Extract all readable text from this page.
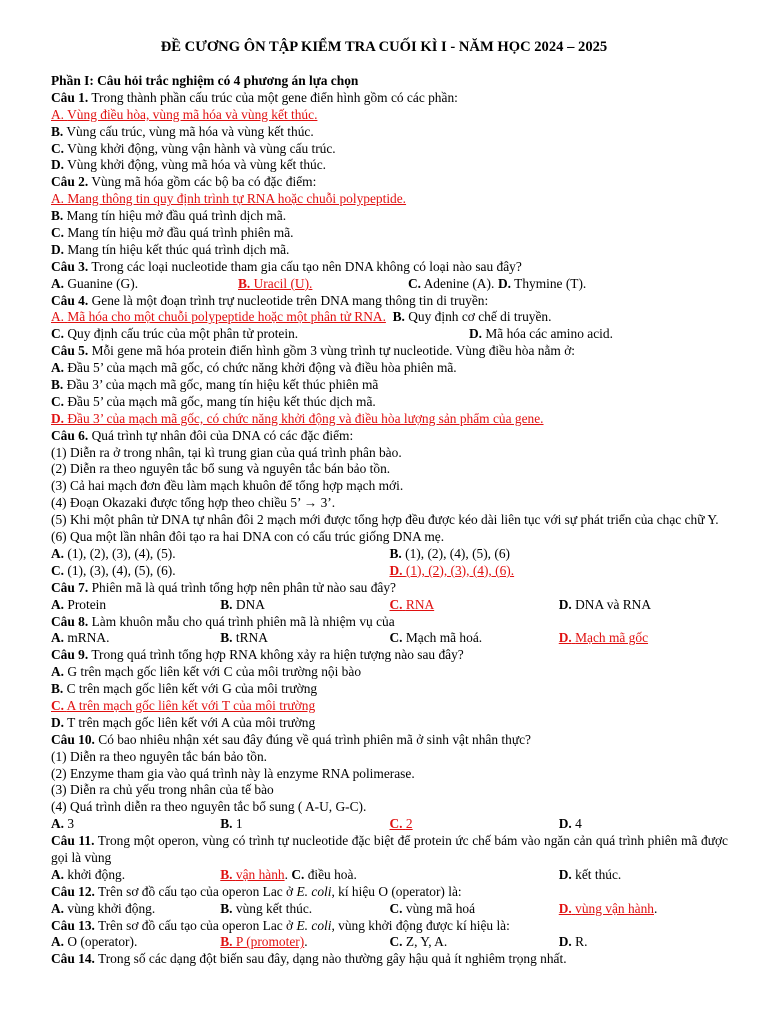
ĐỀ CƯƠNG ÔN TẬP KIỂM TRA CUỐI KÌ I - NĂM HỌC 2024 – 2025
Phần I: Câu hỏi trắc nghiệm có 4 phương án lựa chọn
Câu 1. Trong thành phần cấu trúc của một gene điển hình gồm có các phần:
A. Vùng điều hòa, vùng mã hóa và vùng kết thúc.
B. Vùng cấu trúc, vùng mã hóa và vùng kết thúc.
C. Vùng khởi động, vùng vận hành và vùng cấu trúc.
D. Vùng khởi động, vùng mã hóa và vùng kết thúc.
Câu 2. Vùng mã hóa gồm các bộ ba có đặc điểm:
A. Mang thông tin quy định trình tự RNA hoặc chuỗi polypeptide.
B. Mang tín hiệu mở đầu quá trình dịch mã.
C. Mang tín hiệu mở đầu quá trình phiên mã.
D. Mang tín hiệu kết thúc quá trình dịch mã.
Câu 3. Trong các loại nucleotide tham gia cấu tạo nên DNA không có loại nào sau đây?
A. Guanine (G).	B. Uracil (U).	C. Adenine (A). D. Thymine (T).
Câu 4. Gene là một đoạn trình trự nucleotide trên DNA mang thông tin di truyền:
A. Mã hóa cho một chuỗi polypeptide hoặc một phân tử RNA. B. Quy định cơ chế di truyền.
C. Quy định cấu trúc của một phân tử protein.	D. Mã hóa các amino acid.
Câu 5. Mỗi gene mã hóa protein điển hình gồm 3 vùng trình tự nucleotide. Vùng điều hòa nằm ở:
A. Đầu 5’ của mạch mã gốc, có chức năng khởi động và điều hòa phiên mã.
B. Đầu 3’ của mạch mã gốc, mang tín hiệu kết thúc phiên mã
C. Đầu 5’ của mạch mã gốc, mang tín hiệu kết thúc dịch mã.
D. Đầu 3’ của mạch mã gốc, có chức năng khởi động và điều hòa lượng sản phẩm của gene.
Câu 6. Quá trình tự nhân đôi của DNA có các đặc điểm:
(1) Diễn ra ở trong nhân, tại kì trung gian của quá trình phân bào.
(2) Diễn ra theo nguyên tắc bổ sung và nguyên tắc bán bảo tồn.
(3) Cả hai mạch đơn đều làm mạch khuôn để tổng hợp mạch mới.
(4) Đoạn Okazaki được tổng hợp theo chiều 5’ → 3’.
(5) Khi một phân tử DNA tự nhân đôi 2 mạch mới được tổng hợp đều được kéo dài liên tục với sự phát triển của chạc chữ Y.
(6) Qua một lần nhân đôi tạo ra hai DNA con có cấu trúc giống DNA mẹ.
A. (1), (2), (3), (4), (5).	B. (1), (2), (4), (5), (6)
C. (1), (3), (4), (5), (6).	D. (1), (2), (3), (4), (6).
Câu 7. Phiên mã là quá trình tổng hợp nên phân tử nào sau đây?
A. Protein	B. DNA	C. RNA	D. DNA và RNA
Câu 8. Làm khuôn mẫu cho quá trình phiên mã là nhiệm vụ của
A. mRNA.	B. tRNA	C. Mạch mã hoá.	D. Mạch mã gốc
Câu 9. Trong quá trình tổng hợp RNA không xảy ra hiện tượng nào sau đây?
A. G trên mạch gốc liên kết với C của môi trường nội bào
B. C trên mạch gốc liên kết với G của môi trường
C. A trên mạch gốc liên kết với T của môi trường
D. T trên mạch gốc liên kết với A của môi trường
Câu 10. Có bao nhiêu nhận xét sau đây đúng về quá trình phiên mã ở sinh vật nhân thực?
(1) Diễn ra theo nguyên tắc bán bảo tồn.
(2) Enzyme tham gia vào quá trình này là enzyme RNA polimerase.
(3) Diễn ra chủ yếu trong nhân của tế bào
(4) Quá trình diễn ra theo nguyên tắc bổ sung ( A-U, G-C).
A. 3	B. 1	C. 2	D. 4
Câu 11. Trong một operon, vùng có trình tự nucleotide đặc biệt để protein ức chế bám vào ngăn cản quá trình phiên mã được gọi là vùng
A. khởi động.	B. vận hành. C. điều hoà.	D. kết thúc.
Câu 12. Trên sơ đồ cấu tạo của operon Lac ở E. coli, kí hiệu O (operator) là:
A. vùng khởi động.	B. vùng kết thúc.	C. vùng mã hoá	D. vùng vận hành.
Câu 13. Trên sơ đồ cấu tạo của operon Lac ở E. coli, vùng khởi động được kí hiệu là:
A. O (operator).	B. P (promoter).	C. Z, Y, A.	D. R.
Câu 14. Trong số các dạng đột biến sau đây, dạng nào thường gây hậu quả ít nghiêm trọng nhất.
